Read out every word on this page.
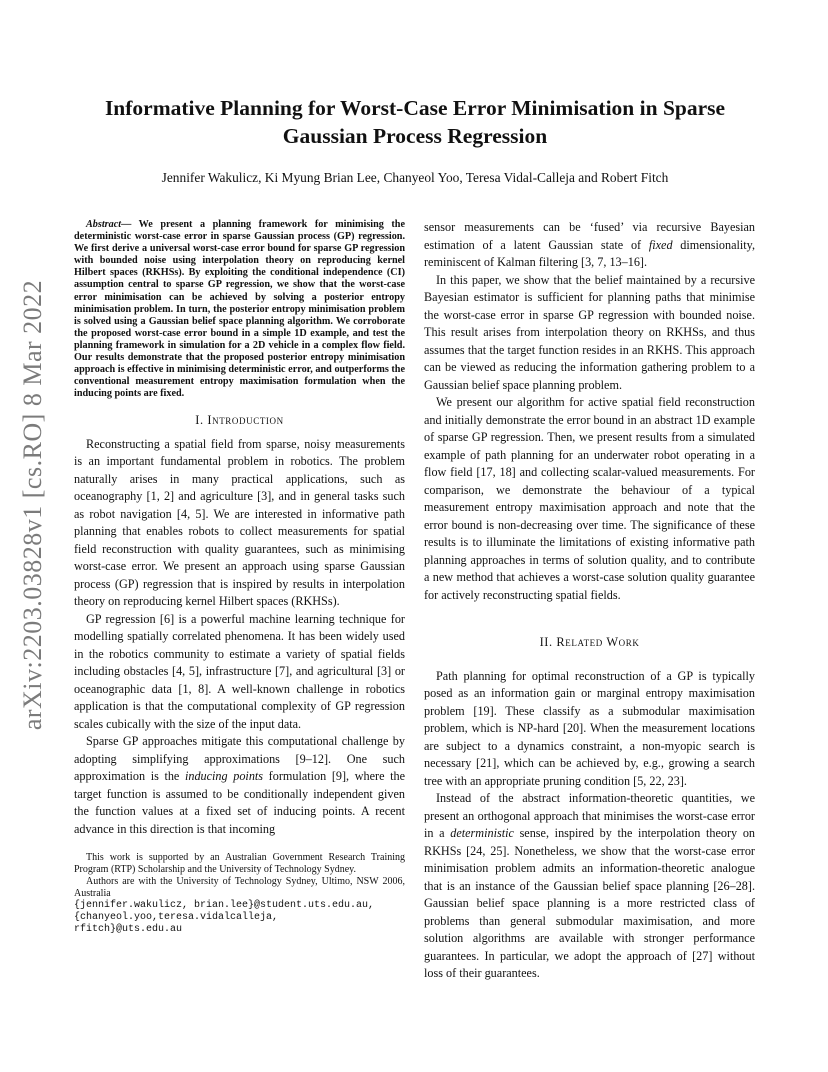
arXiv:2203.03828v1 [cs.RO] 8 Mar 2022
Informative Planning for Worst-Case Error Minimisation in Sparse Gaussian Process Regression

Jennifer Wakulicz, Ki Myung Brian Lee, Chanyeol Yoo, Teresa Vidal-Calleja and Robert Fitch

Abstract— We present a planning framework for minimising the deterministic worst-case error in sparse Gaussian process (GP) regression. We first derive a universal worst-case error bound for sparse GP regression with bounded noise using interpolation theory on reproducing kernel Hilbert spaces (RKHSs). By exploiting the conditional independence (CI) assumption central to sparse GP regression, we show that the worst-case error minimisation can be achieved by solving a posterior entropy minimisation problem. In turn, the posterior entropy minimisation problem is solved using a Gaussian belief space planning algorithm. We corroborate the proposed worst-case error bound in a simple 1D example, and test the planning framework in simulation for a 2D vehicle in a complex flow field. Our results demonstrate that the proposed posterior entropy minimisation approach is effective in minimising deterministic error, and outperforms the conventional measurement entropy maximisation formulation when the inducing points are fixed.

I. Introduction

Reconstructing a spatial field from sparse, noisy measurements is an important fundamental problem in robotics. The problem naturally arises in many practical applications, such as oceanography [1, 2] and agriculture [3], and in general tasks such as robot navigation [4, 5]. We are interested in informative path planning that enables robots to collect measurements for spatial field reconstruction with quality guarantees, such as minimising worst-case error. We present an approach using sparse Gaussian process (GP) regression that is inspired by results in interpolation theory on reproducing kernel Hilbert spaces (RKHSs).

GP regression [6] is a powerful machine learning technique for modelling spatially correlated phenomena. It has been widely used in the robotics community to estimate a variety of spatial fields including obstacles [4, 5], infrastructure [7], and agricultural [3] or oceanographic data [1, 8]. A well-known challenge in robotics application is that the computational complexity of GP regression scales cubically with the size of the input data.

Sparse GP approaches mitigate this computational challenge by adopting simplifying approximations [9–12]. One such approximation is the inducing points formulation [9], where the target function is assumed to be conditionally independent given the function values at a fixed set of inducing points. A recent advance in this direction is that incoming

This work is supported by an Australian Government Research Training Program (RTP) Scholarship and the University of Technology Sydney.

Authors are with the University of Technology Sydney, Ultimo, NSW 2006, Australia

{jennifer.wakulicz, brian.lee}@student.uts.edu.au,
{chanyeol.yoo,teresa.vidalcalleja,
rfitch}@uts.edu.au

sensor measurements can be ‘fused’ via recursive Bayesian estimation of a latent Gaussian state of fixed dimensionality, reminiscent of Kalman filtering [3, 7, 13–16].

In this paper, we show that the belief maintained by a recursive Bayesian estimator is sufficient for planning paths that minimise the worst-case error in sparse GP regression with bounded noise. This result arises from interpolation theory on RKHSs, and thus assumes that the target function resides in an RKHS. This approach can be viewed as reducing the information gathering problem to a Gaussian belief space planning problem.

We present our algorithm for active spatial field reconstruction and initially demonstrate the error bound in an abstract 1D example of sparse GP regression. Then, we present results from a simulated example of path planning for an underwater robot operating in a flow field [17, 18] and collecting scalar-valued measurements. For comparison, we demonstrate the behaviour of a typical measurement entropy maximisation approach and note that the error bound is non-decreasing over time. The significance of these results is to illuminate the limitations of existing informative path planning approaches in terms of solution quality, and to contribute a new method that achieves a worst-case solution quality guarantee for actively reconstructing spatial fields.

II. Related Work

Path planning for optimal reconstruction of a GP is typically posed as an information gain or marginal entropy maximisation problem [19]. These classify as a submodular maximisation problem, which is NP-hard [20]. When the measurement locations are subject to a dynamics constraint, a non-myopic search is necessary [21], which can be achieved by, e.g., growing a search tree with an appropriate pruning condition [5, 22, 23].

Instead of the abstract information-theoretic quantities, we present an orthogonal approach that minimises the worst-case error in a deterministic sense, inspired by the interpolation theory on RKHSs [24, 25]. Nonetheless, we show that the worst-case error minimisation problem admits an information-theoretic analogue that is an instance of the Gaussian belief space planning [26–28]. Gaussian belief space planning is a more restricted class of problems than general submodular maximisation, and more solution algorithms are available with stronger performance guarantees. In particular, we adopt the approach of [27] without loss of their guarantees.
